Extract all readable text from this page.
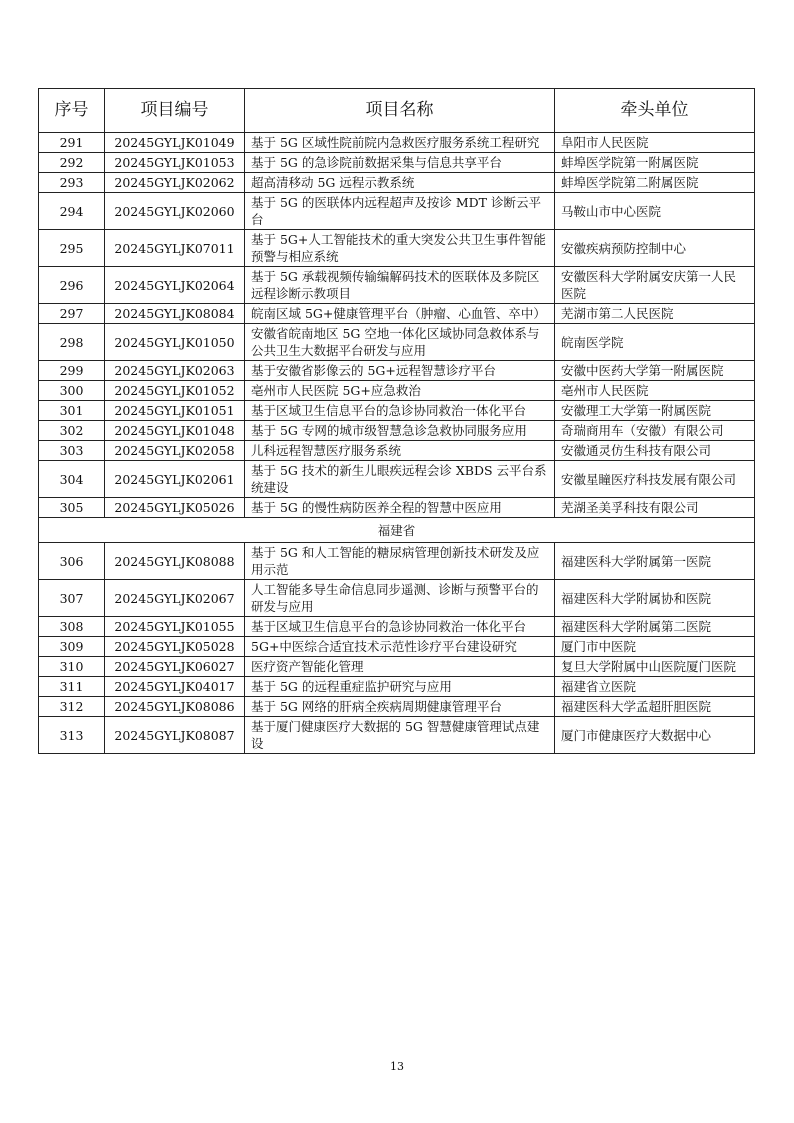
序号	项目编号	项目名称	牵头单位
291	20245GYLJK01049	基于 5G 区域性院前院内急救医疗服务系统工程研究	阜阳市人民医院
292	20245GYLJK01053	基于 5G 的急诊院前数据采集与信息共享平台	蚌埠医学院第一附属医院
293	20245GYLJK02062	超高清移动 5G 远程示教系统	蚌埠医学院第二附属医院
294	20245GYLJK02060	基于 5G 的医联体内远程超声及按诊 MDT 诊断云平台	马鞍山市中心医院
295	20245GYLJK07011	基于 5G+人工智能技术的重大突发公共卫生事件智能预警与相应系统	安徽疾病预防控制中心
296	20245GYLJK02064	基于 5G 承载视频传输编解码技术的医联体及多院区远程诊断示教项目	安徽医科大学附属安庆第一人民医院
297	20245GYLJK08084	皖南区域 5G+健康管理平台（肿瘤、心血管、卒中）	芜湖市第二人民医院
298	20245GYLJK01050	安徽省皖南地区 5G 空地一体化区域协同急救体系与公共卫生大数据平台研发与应用	皖南医学院
299	20245GYLJK02063	基于安徽省影像云的 5G+远程智慧诊疗平台	安徽中医药大学第一附属医院
300	20245GYLJK01052	亳州市人民医院 5G+应急救治	亳州市人民医院
301	20245GYLJK01051	基于区域卫生信息平台的急诊协同救治一体化平台	安徽理工大学第一附属医院
302	20245GYLJK01048	基于 5G 专网的城市级智慧急诊急救协同服务应用	奇瑞商用车（安徽）有限公司
303	20245GYLJK02058	儿科远程智慧医疗服务系统	安徽通灵仿生科技有限公司
304	20245GYLJK02061	基于 5G 技术的新生儿眼疾远程会诊 XBDS 云平台系统建设	安徽星瞳医疗科技发展有限公司
305	20245GYLJK05026	基于 5G 的慢性病防医养全程的智慧中医应用	芜湖圣美孚科技有限公司
福建省			
306	20245GYLJK08088	基于 5G 和人工智能的糖尿病管理创新技术研发及应用示范	福建医科大学附属第一医院
307	20245GYLJK02067	人工智能多导生命信息同步遥测、诊断与预警平台的研发与应用	福建医科大学附属协和医院
308	20245GYLJK01055	基于区域卫生信息平台的急诊协同救治一体化平台	福建医科大学附属第二医院
309	20245GYLJK05028	5G+中医综合适宜技术示范性诊疗平台建设研究	厦门市中医院
310	20245GYLJK06027	医疗资产智能化管理	复旦大学附属中山医院厦门医院
311	20245GYLJK04017	基于 5G 的远程重症监护研究与应用	福建省立医院
312	20245GYLJK08086	基于 5G 网络的肝病全疾病周期健康管理平台	福建医科大学孟超肝胆医院
313	20245GYLJK08087	基于厦门健康医疗大数据的 5G 智慧健康管理试点建设	厦门市健康医疗大数据中心
13
